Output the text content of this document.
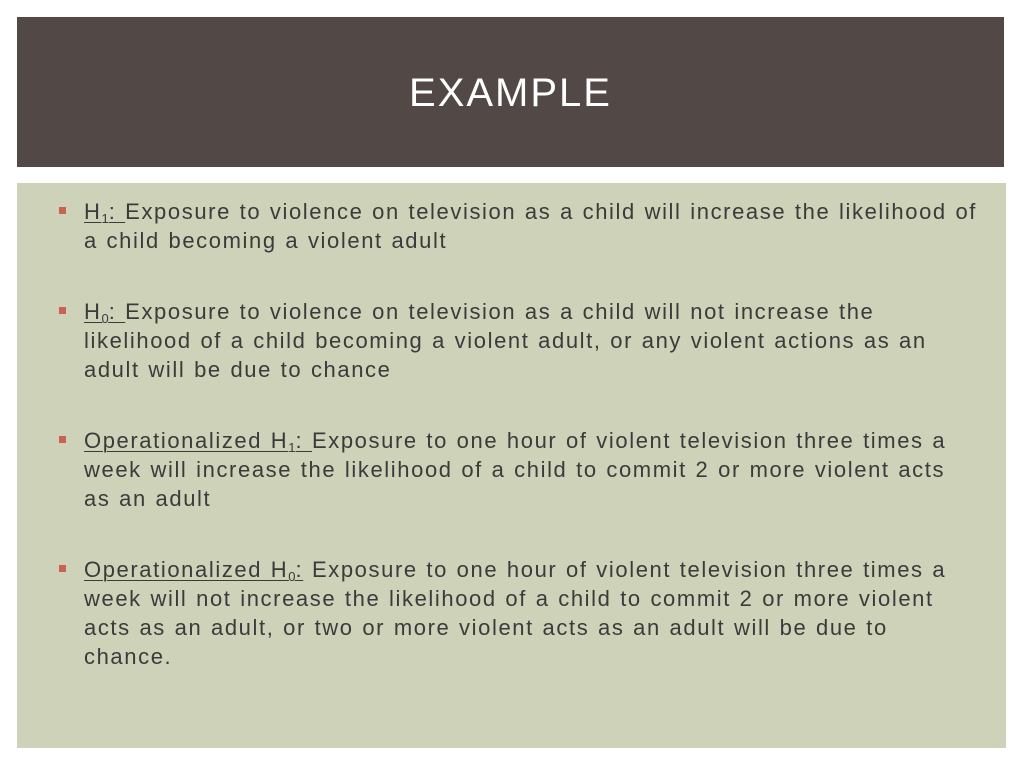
EXAMPLE
$H_1$: Exposure to violence on television as a child will increase the likelihood of a child becoming a violent adult
$H_0$: Exposure to violence on television as a child will not increase the likelihood of a child becoming a violent adult, or any violent actions as an adult will be due to chance
Operationalized $H_1$: Exposure to one hour of violent television three times a week will increase the likelihood of a child to commit 2 or more violent acts as an adult
Operationalized $H_0$: Exposure to one hour of violent television three times a week will not increase the likelihood of a child to commit 2 or more violent acts as an adult, or two or more violent acts as an adult will be due to chance.
